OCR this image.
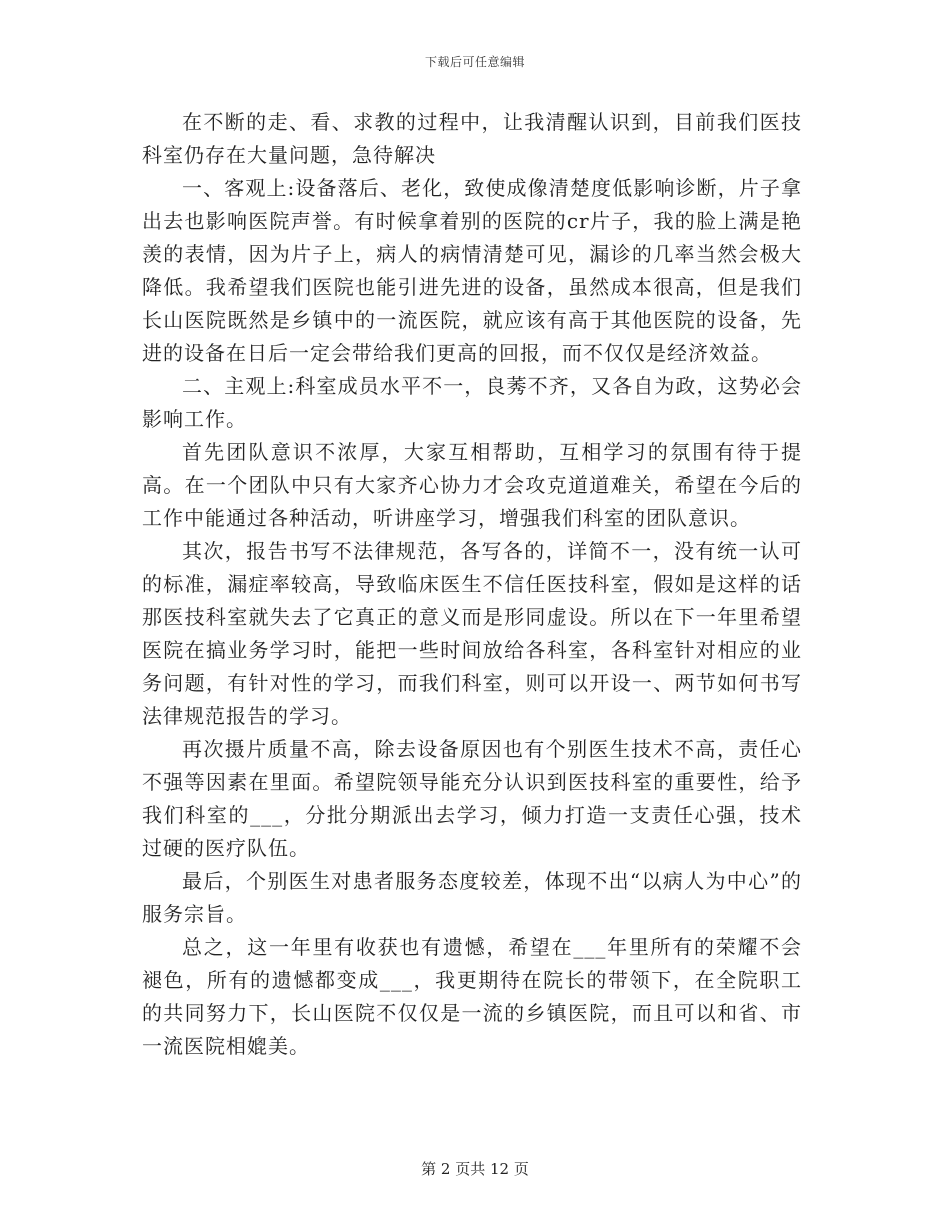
下载后可任意编辑

在不断的走、看、求教的过程中，让我清醒认识到，目前我们医技科室仍存在大量问题，急待解决

一、客观上:设备落后、老化，致使成像清楚度低影响诊断，片子拿出去也影响医院声誉。有时候拿着别的医院的cr片子，我的脸上满是艳羡的表情，因为片子上，病人的病情清楚可见，漏诊的几率当然会极大降低。我希望我们医院也能引进先进的设备，虽然成本很高，但是我们长山医院既然是乡镇中的一流医院，就应该有高于其他医院的设备，先进的设备在日后一定会带给我们更高的回报，而不仅仅是经济效益。

二、主观上:科室成员水平不一，良莠不齐，又各自为政，这势必会影响工作。

首先团队意识不浓厚，大家互相帮助，互相学习的氛围有待于提高。在一个团队中只有大家齐心协力才会攻克道道难关，希望在今后的工作中能通过各种活动，听讲座学习，增强我们科室的团队意识。

其次，报告书写不法律规范，各写各的，详简不一，没有统一认可的标准，漏症率较高，导致临床医生不信任医技科室，假如是这样的话那医技科室就失去了它真正的意义而是形同虚设。所以在下一年里希望医院在搞业务学习时，能把一些时间放给各科室，各科室针对相应的业务问题，有针对性的学习，而我们科室，则可以开设一、两节如何书写法律规范报告的学习。

再次摄片质量不高，除去设备原因也有个别医生技术不高，责任心不强等因素在里面。希望院领导能充分认识到医技科室的重要性，给予我们科室的___，分批分期派出去学习，倾力打造一支责任心强，技术过硬的医疗队伍。

最后，个别医生对患者服务态度较差，体现不出“以病人为中心”的服务宗旨。

总之，这一年里有收获也有遗憾，希望在___年里所有的荣耀不会褪色，所有的遗憾都变成___，我更期待在院长的带领下，在全院职工的共同努力下，长山医院不仅仅是一流的乡镇医院，而且可以和省、市一流医院相媲美。

第 2 页共 12 页
